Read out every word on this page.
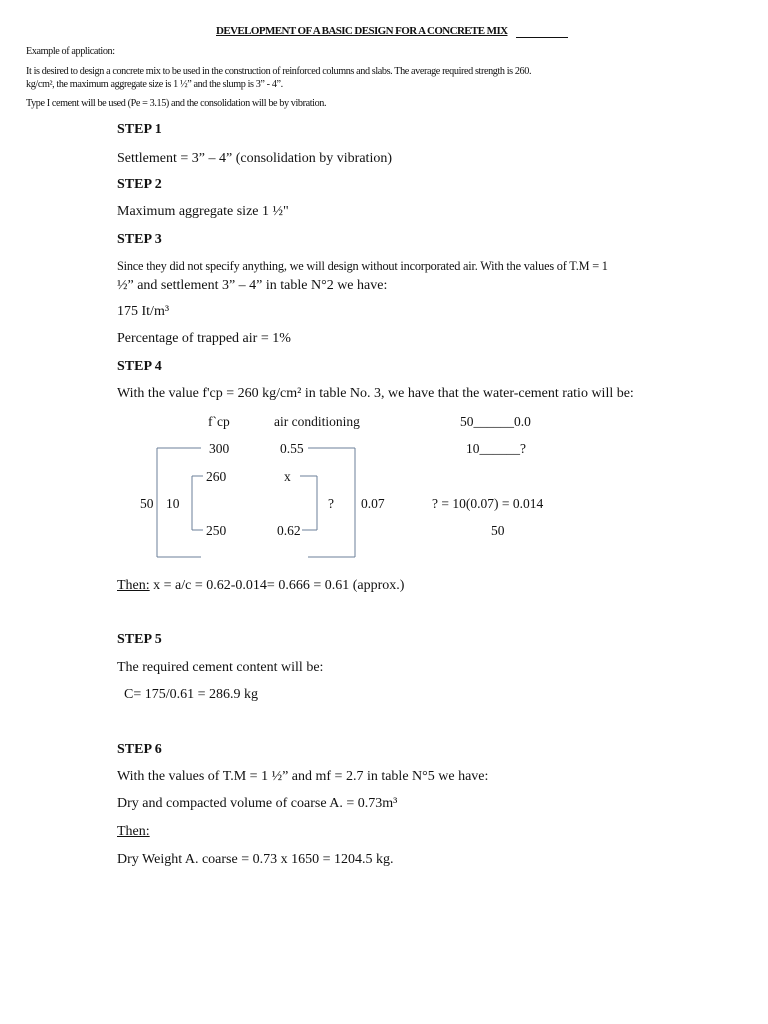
DEVELOPMENT OF A BASIC DESIGN FOR A CONCRETE MIX
Example of application:
It is desired to design a concrete mix to be used in the construction of reinforced columns and slabs. The average required strength is 260.
kg/cm², the maximum aggregate size is 1 ½” and the slump is 3” - 4”.
Type I cement will be used (Pe = 3.15) and the consolidation will be by vibration.
STEP 1
Settlement = 3” – 4” (consolidation by vibration)
STEP 2
Maximum aggregate size 1 ½"
STEP 3
Since they did not specify anything, we will design without incorporated air. With the values of T.M = 1
½” and settlement 3” – 4” in table N°2 we have:
175 It/m³
Percentage of trapped air = 1%
STEP 4
With the value f'cp = 260 kg/cm² in table No. 3, we have that the water-cement ratio will be:
f`cp	air conditioning
300	0.55
260	x
50 10	? 0.07
250	0.62
50______0.0
10______?
? = 10(0.07) = 0.014
50
Then: x = a/c = 0.62-0.014= 0.666 = 0.61 (approx.)
STEP 5
The required cement content will be:
C= 175/0.61 = 286.9 kg
STEP 6
With the values of T.M = 1 ½” and mf = 2.7 in table N°5 we have:
Dry and compacted volume of coarse A. = 0.73m³
Then:
Dry Weight A. coarse = 0.73 x 1650 = 1204.5 kg.
